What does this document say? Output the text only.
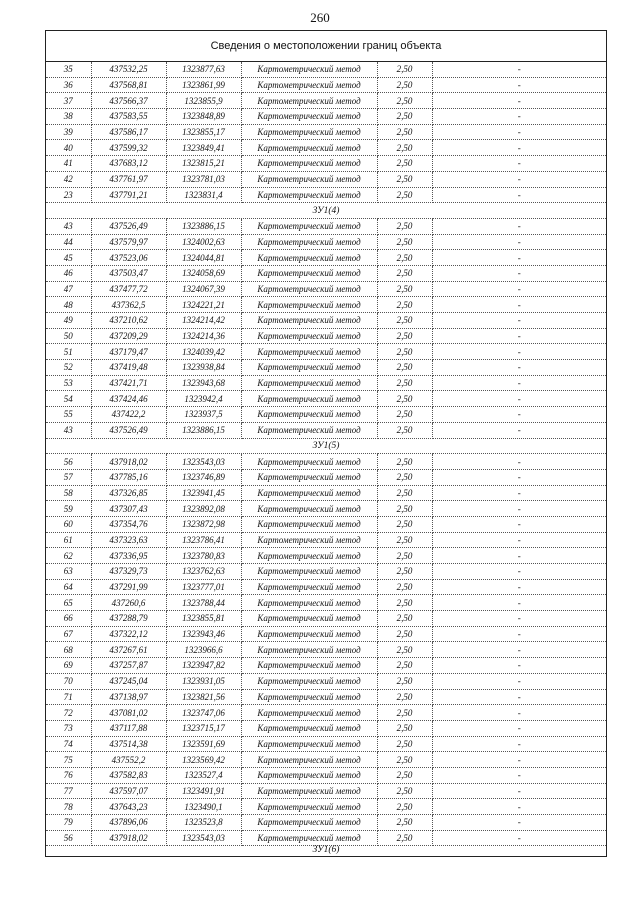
260
Сведения о местоположении границ объекта
35	437532,25	1323877,63	Картометрический метод	2,50	-
36	437568,81	1323861,99	Картометрический метод	2,50	-
37	437566,37	1323855,9	Картометрический метод	2,50	-
38	437583,55	1323848,89	Картометрический метод	2,50	-
39	437586,17	1323855,17	Картометрический метод	2,50	-
40	437599,32	1323849,41	Картометрический метод	2,50	-
41	437683,12	1323815,21	Картометрический метод	2,50	-
42	437761,97	1323781,03	Картометрический метод	2,50	-
23	437791,21	1323831,4	Картометрический метод	2,50	-
ЗУ1(4)					
43	437526,49	1323886,15	Картометрический метод	2,50	-
44	437579,97	1324002,63	Картометрический метод	2,50	-
45	437523,06	1324044,81	Картометрический метод	2,50	-
46	437503,47	1324058,69	Картометрический метод	2,50	-
47	437477,72	1324067,39	Картометрический метод	2,50	-
48	437362,5	1324221,21	Картометрический метод	2,50	-
49	437210,62	1324214,42	Картометрический метод	2,50	-
50	437209,29	1324214,36	Картометрический метод	2,50	-
51	437179,47	1324039,42	Картометрический метод	2,50	-
52	437419,48	1323938,84	Картометрический метод	2,50	-
53	437421,71	1323943,68	Картометрический метод	2,50	-
54	437424,46	1323942,4	Картометрический метод	2,50	-
55	437422,2	1323937,5	Картометрический метод	2,50	-
43	437526,49	1323886,15	Картометрический метод	2,50	-
ЗУ1(5)					
56	437918,02	1323543,03	Картометрический метод	2,50	-
57	437785,16	1323746,89	Картометрический метод	2,50	-
58	437326,85	1323941,45	Картометрический метод	2,50	-
59	437307,43	1323892,08	Картометрический метод	2,50	-
60	437354,76	1323872,98	Картометрический метод	2,50	-
61	437323,63	1323786,41	Картометрический метод	2,50	-
62	437336,95	1323780,83	Картометрический метод	2,50	-
63	437329,73	1323762,63	Картометрический метод	2,50	-
64	437291,99	1323777,01	Картометрический метод	2,50	-
65	437260,6	1323788,44	Картометрический метод	2,50	-
66	437288,79	1323855,81	Картометрический метод	2,50	-
67	437322,12	1323943,46	Картометрический метод	2,50	-
68	437267,61	1323966,6	Картометрический метод	2,50	-
69	437257,87	1323947,82	Картометрический метод	2,50	-
70	437245,04	1323931,05	Картометрический метод	2,50	-
71	437138,97	1323821,56	Картометрический метод	2,50	-
72	437081,02	1323747,06	Картометрический метод	2,50	-
73	437117,88	1323715,17	Картометрический метод	2,50	-
74	437514,38	1323591,69	Картометрический метод	2,50	-
75	437552,2	1323569,42	Картометрический метод	2,50	-
76	437582,83	1323527,4	Картометрический метод	2,50	-
77	437597,07	1323491,91	Картометрический метод	2,50	-
78	437643,23	1323490,1	Картометрический метод	2,50	-
79	437896,06	1323523,8	Картометрический метод	2,50	-
56	437918,02	1323543,03	Картометрический метод	2,50	-
ЗУ1(6)
